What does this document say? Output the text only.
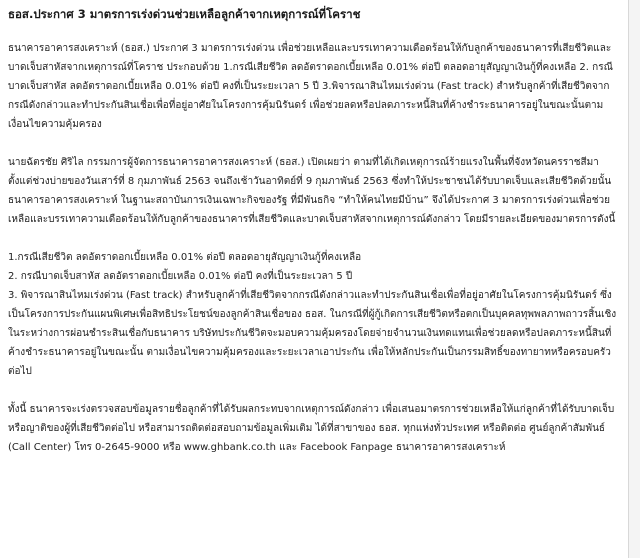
ธอส.ประกาศ 3 มาตรการเร่งด่วนช่วยเหลือลูกค้าจากเหตุการณ์ที่โคราช

ธนาคารอาคารสงเคราะห์ (ธอส.) ประกาศ 3 มาตรการเร่งด่วน เพื่อช่วยเหลือและบรรเทาความเดือดร้อนให้กับลูกค้าของธนาคารที่เสียชีวิตและบาดเจ็บสาหัสจากเหตุการณ์ที่โคราช ประกอบด้วย 1.กรณีเสียชีวิต ลดอัตราดอกเบี้ยเหลือ 0.01% ต่อปี ตลอดอายุสัญญาเงินกู้ที่คงเหลือ 2. กรณีบาดเจ็บสาหัส ลดอัตราดอกเบี้ยเหลือ 0.01% ต่อปี คงที่เป็นระยะเวลา 5 ปี 3.พิจารณาสินไหมเร่งด่วน (Fast track) สำหรับลูกค้าที่เสียชีวิตจากกรณีดังกล่าวและทำประกันสินเชื่อเพื่อที่อยู่อาศัยในโครงการคุ้มนิรันดร์ เพื่อช่วยลดหรือปลดภาระหนี้สินที่ค้างชำระธนาคารอยู่ในขณะนั้นตามเงื่อนไขความคุ้มครอง

นายฉัตรชัย ศิริไล กรรมการผู้จัดการธนาคารอาคารสงเคราะห์ (ธอส.) เปิดเผยว่า ตามที่ได้เกิดเหตุการณ์ร้ายแรงในพื้นที่จังหวัดนครราชสีมาตั้งแต่ช่วงบ่ายของวันเสาร์ที่ 8 กุมภาพันธ์ 2563 จนถึงเช้าวันอาทิตย์ที่ 9 กุมภาพันธ์ 2563 ซึ่งทำให้ประชาชนได้รับบาดเจ็บและเสียชีวิตด้วยนั้น ธนาคารอาคารสงเคราะห์ ในฐานะสถาบันการเงินเฉพาะกิจของรัฐ ที่มีพันธกิจ “ทำให้คนไทยมีบ้าน” จึงได้ประกาศ 3 มาตรการเร่งด่วนเพื่อช่วยเหลือและบรรเทาความเดือดร้อนให้กับลูกค้าของธนาคารที่เสียชีวิตและบาดเจ็บสาหัสจากเหตุการณ์ดังกล่าว โดยมีรายละเอียดของมาตรการดังนี้

1.กรณีเสียชีวิต ลดอัตราดอกเบี้ยเหลือ 0.01% ต่อปี ตลอดอายุสัญญาเงินกู้ที่คงเหลือ

2. กรณีบาดเจ็บสาหัส ลดอัตราดอกเบี้ยเหลือ 0.01% ต่อปี คงที่เป็นระยะเวลา 5 ปี

3. พิจารณาสินไหมเร่งด่วน (Fast track) สำหรับลูกค้าที่เสียชีวิตจากกรณีดังกล่าวและทำประกันสินเชื่อเพื่อที่อยู่อาศัยในโครงการคุ้มนิรันดร์ ซึ่งเป็นโครงการประกันแผนพิเศษเพื่อสิทธิประโยชน์ของลูกค้าสินเชื่อของ ธอส. ในกรณีที่ผู้กู้เกิดการเสียชีวิตหรือตกเป็นบุคคลทุพพลภาพถาวรสิ้นเชิงในระหว่างการผ่อนชำระสินเชื่อกับธนาคาร บริษัทประกันชีวิตจะมอบความคุ้มครองโดยจ่ายจำนวนเงินทดแทนเพื่อช่วยลดหรือปลดภาระหนี้สินที่ค้างชำระธนาคารอยู่ในขณะนั้น ตามเงื่อนไขความคุ้มครองและระยะเวลาเอาประกัน เพื่อให้หลักประกันเป็นกรรมสิทธิ์ของทายาทหรือครอบครัวต่อไป

ทั้งนี้ ธนาคารจะเร่งตรวจสอบข้อมูลรายชื่อลูกค้าที่ได้รับผลกระทบจากเหตุการณ์ดังกล่าว เพื่อเสนอมาตรการช่วยเหลือให้แก่ลูกค้าที่ได้รับบาดเจ็บหรือญาติของผู้ที่เสียชีวิตต่อไป หรือสามารถติดต่อสอบถามข้อมูลเพิ่มเติม ได้ที่สาขาของ ธอส. ทุกแห่งทั่วประเทศ หรือติดต่อ ศูนย์ลูกค้าสัมพันธ์ (Call Center) โทร 0-2645-9000 หรือ www.ghbank.co.th และ Facebook Fanpage ธนาคารอาคารสงเคราะห์
